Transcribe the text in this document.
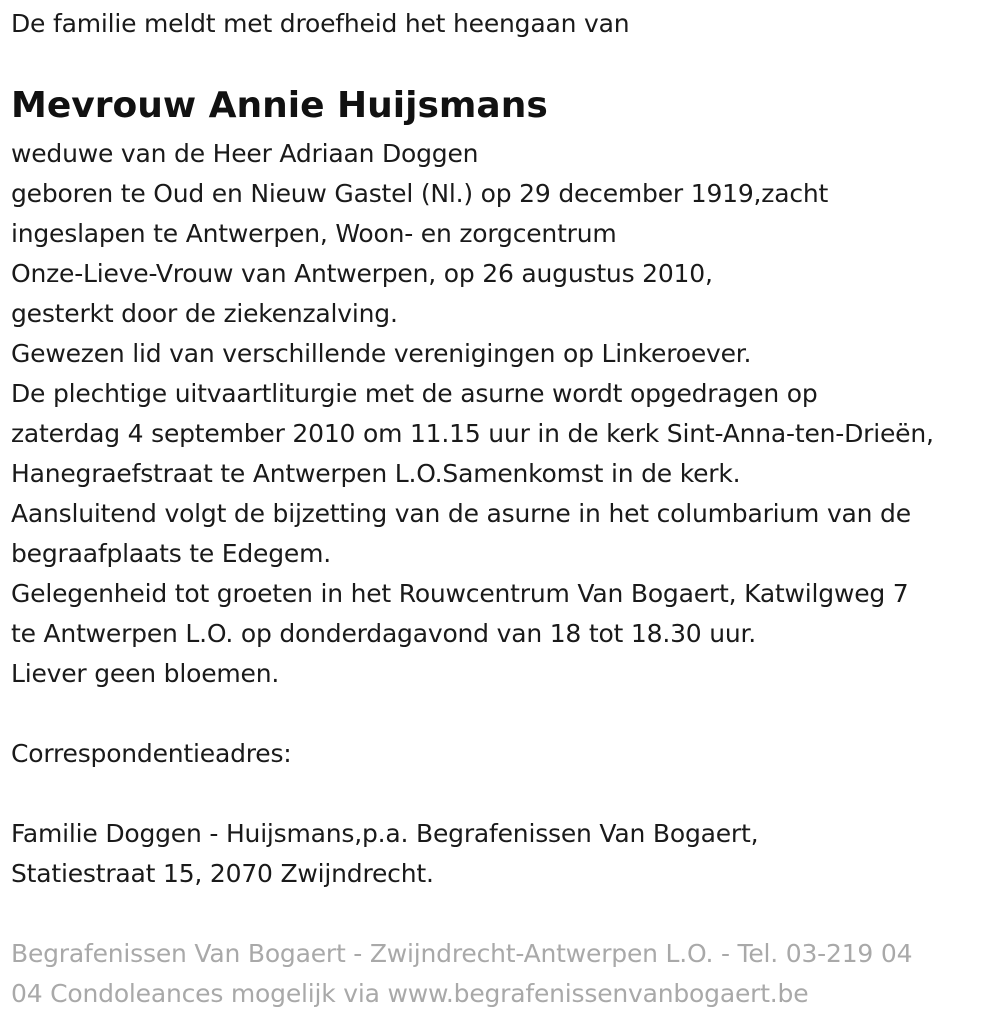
De familie meldt met droefheid het heengaan van
Mevrouw Annie Huijsmans
weduwe van de Heer Adriaan Doggen
geboren te Oud en Nieuw Gastel (Nl.) op 29 december 1919,zacht
ingeslapen te Antwerpen, Woon- en zorgcentrum
Onze-Lieve-Vrouw van Antwerpen, op 26 augustus 2010,
gesterkt door de ziekenzalving.
Gewezen lid van verschillende verenigingen op Linkeroever.
De plechtige uitvaartliturgie met de asurne wordt opgedragen op
zaterdag 4 september 2010 om 11.15 uur in de kerk Sint-Anna-ten-Drieën,
Hanegraefstraat te Antwerpen L.O.Samenkomst in de kerk.
Aansluitend volgt de bijzetting van de asurne in het columbarium van de
begraafplaats te Edegem.
Gelegenheid tot groeten in het Rouwcentrum Van Bogaert, Katwilgweg 7
te Antwerpen L.O. op donderdagavond van 18 tot 18.30 uur.
Liever geen bloemen.
Correspondentieadres:
Familie Doggen - Huijsmans,p.a. Begrafenissen Van Bogaert,
Statiestraat 15, 2070 Zwijndrecht.
Begrafenissen Van Bogaert - Zwijndrecht-Antwerpen L.O. - Tel. 03-219 04
04 Condoleances mogelijk via www.begrafenissenvanbogaert.be
